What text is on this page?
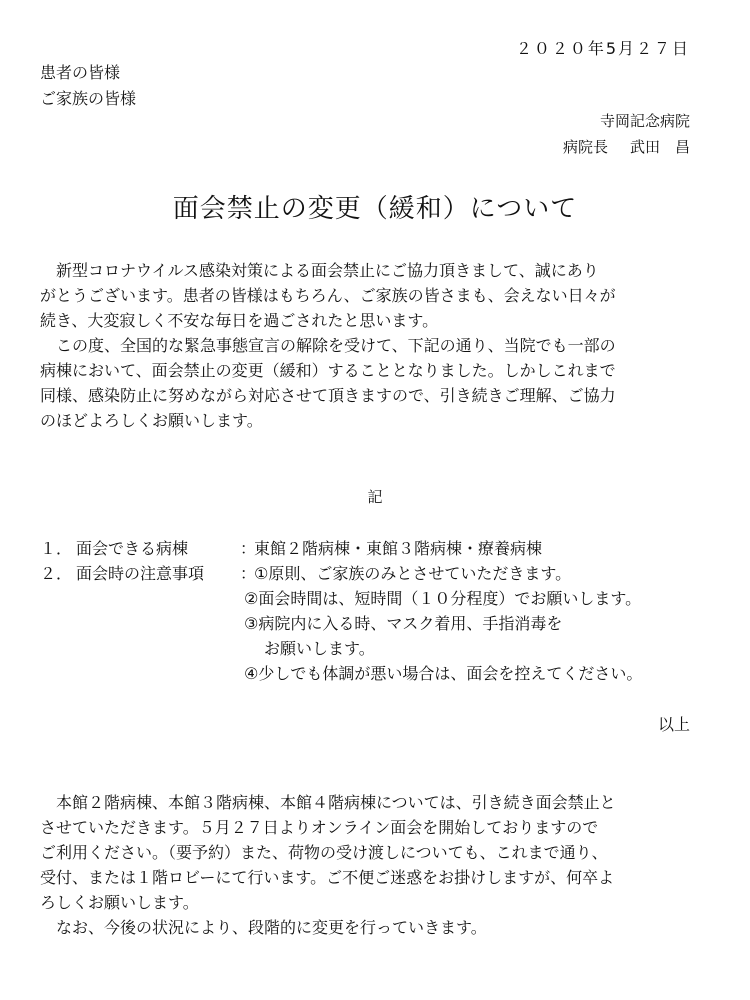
２０２０年5月２７日
患者の皆様
ご家族の皆様
寺岡記念病院
病院長 武田　昌
面会禁止の変更（緩和）について
新型コロナウイルス感染対策による面会禁止にご協力頂きまして、誠にあり
がとうございます。患者の皆様はもちろん、ご家族の皆さまも、会えない日々が
続き、大変寂しく不安な毎日を過ごされたと思います。
この度、全国的な緊急事態宣言の解除を受けて、下記の通り、当院でも一部の
病棟において、面会禁止の変更（緩和）することとなりました。しかしこれまで
同様、感染防止に努めながら対応させて頂きますので、引き続きご理解、ご協力
のほどよろしくお願いします。
記
１． 面会できる病棟	：
東館２階病棟・東館３階病棟・療養病棟
２． 面会時の注意事項	：
①原則、ご家族のみとさせていただきます。
②面会時間は、短時間（１０分程度）でお願いします。
③病院内に入る時、マスク着用、手指消毒を
お願いします。
④少しでも体調が悪い場合は、面会を控えてください。
以上
本館２階病棟、本館３階病棟、本館４階病棟については、引き続き面会禁止と
させていただきます。５月２７日よりオンライン面会を開始しておりますので
ご利用ください。（要予約）また、荷物の受け渡しについても、これまで通り、
受付、または１階ロビーにて行います。ご不便ご迷惑をお掛けしますが、何卒よ
ろしくお願いします。
なお、今後の状況により、段階的に変更を行っていきます。
